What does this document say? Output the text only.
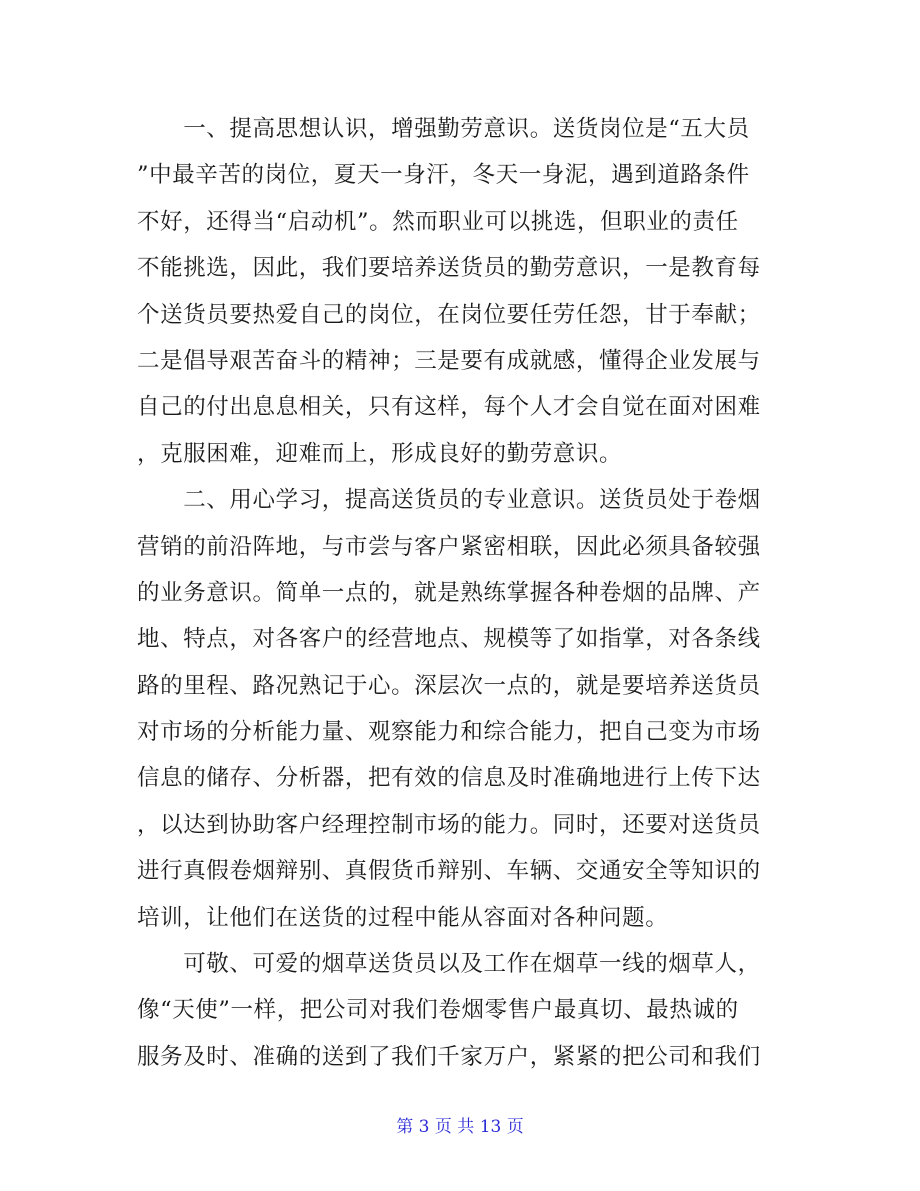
　　一、提高思想认识，增强勤劳意识。送货岗位是“五大员
”中最辛苦的岗位，夏天一身汗，冬天一身泥，遇到道路条件
不好，还得当“启动机”。然而职业可以挑选，但职业的责任
不能挑选，因此，我们要培养送货员的勤劳意识，一是教育每
个送货员要热爱自己的岗位，在岗位要任劳任怨，甘于奉献；
二是倡导艰苦奋斗的精神；三是要有成就感，懂得企业发展与
自己的付出息息相关，只有这样，每个人才会自觉在面对困难
，克服困难，迎难而上，形成良好的勤劳意识。
　　二、用心学习，提高送货员的专业意识。送货员处于卷烟
营销的前沿阵地，与市尝与客户紧密相联，因此必须具备较强
的业务意识。简单一点的，就是熟练掌握各种卷烟的品牌、产
地、特点，对各客户的经营地点、规模等了如指掌，对各条线
路的里程、路况熟记于心。深层次一点的，就是要培养送货员
对市场的分析能力量、观察能力和综合能力，把自己变为市场
信息的储存、分析器，把有效的信息及时准确地进行上传下达
，以达到协助客户经理控制市场的能力。同时，还要对送货员
进行真假卷烟辩别、真假货币辩别、车辆、交通安全等知识的
培训，让他们在送货的过程中能从容面对各种问题。
　　可敬、可爱的烟草送货员以及工作在烟草一线的烟草人，
像“天使”一样，把公司对我们卷烟零售户最真切、最热诚的
服务及时、准确的送到了我们千家万户，紧紧的把公司和我们
第 3 页 共 13 页
